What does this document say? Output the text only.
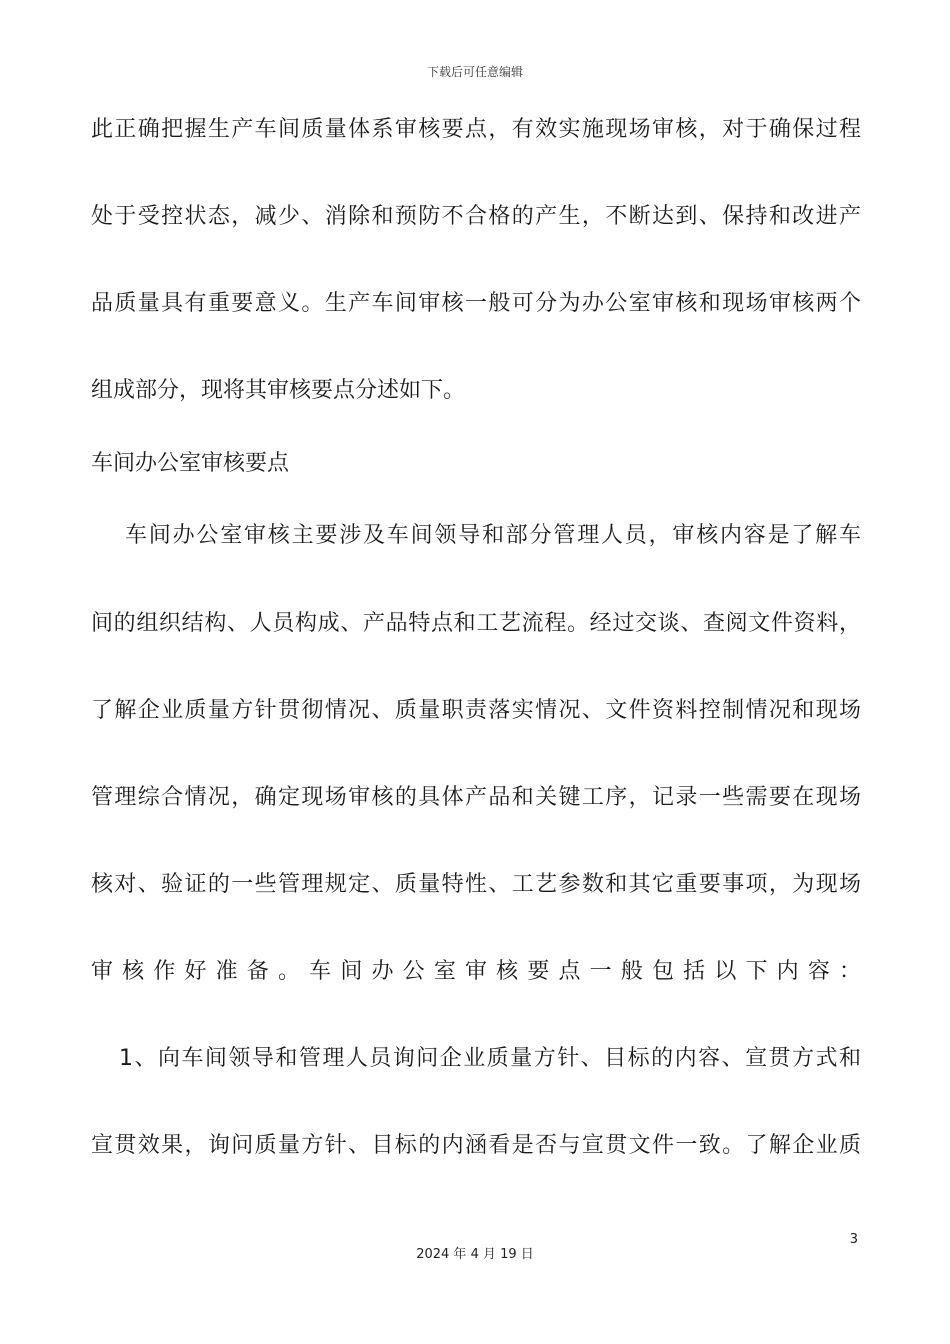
下载后可任意编辑
此正确把握生产车间质量体系审核要点，有效实施现场审核，对于确保过程
处于受控状态，减少、消除和预防不合格的产生，不断达到、保持和改进产
品质量具有重要意义。生产车间审核一般可分为办公室审核和现场审核两个
组成部分，现将其审核要点分述如下。
车间办公室审核要点
车间办公室审核主要涉及车间领导和部分管理人员，审核内容是了解车
间的组织结构、人员构成、产品特点和工艺流程。经过交谈、查阅文件资料，
了解企业质量方针贯彻情况、质量职责落实情况、文件资料控制情况和现场
管理综合情况，确定现场审核的具体产品和关键工序，记录一些需要在现场
核对、验证的一些管理规定、质量特性、工艺参数和其它重要事项，为现场
审核作好准备。车间办公室审核要点一般包括以下内容：
1、向车间领导和管理人员询问企业质量方针、目标的内容、宣贯方式和
宣贯效果，询问质量方针、目标的内涵看是否与宣贯文件一致。了解企业质
3
2024 年 4 月 19 日
